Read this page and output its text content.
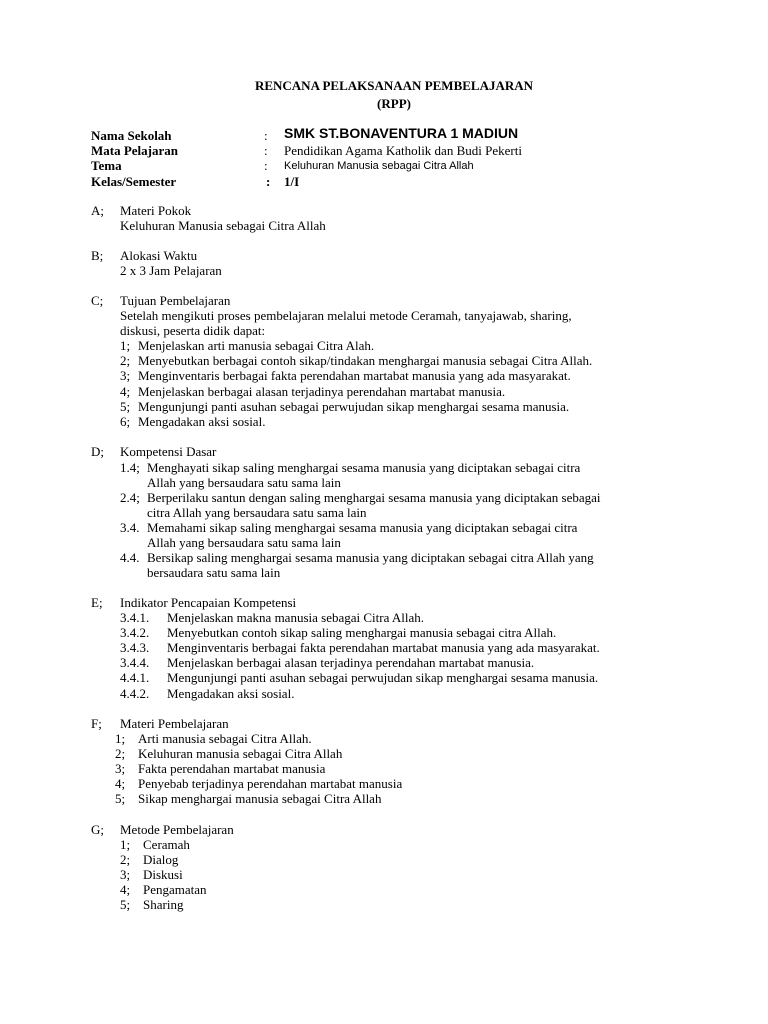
RENCANA PELAKSANAAN PEMBELAJARAN
(RPP)
Nama Sekolah	: SMK ST.BONAVENTURA 1 MADIUN
Mata Pelajaran	: Pendidikan Agama Katholik dan Budi Pekerti
Tema	: Keluhuran Manusia sebagai Citra Allah
Kelas/Semester	: 1/I
A; Materi Pokok
Keluhuran Manusia sebagai Citra Allah
B; Alokasi Waktu
2 x 3 Jam Pelajaran
C; Tujuan Pembelajaran
Setelah mengikuti proses pembelajaran melalui metode Ceramah, tanyajawab, sharing,
diskusi, peserta didik dapat:
1; Menjelaskan arti manusia sebagai Citra Alah.
2; Menyebutkan berbagai contoh sikap/tindakan menghargai manusia sebagai Citra Allah.
3; Menginventaris berbagai fakta perendahan martabat manusia yang ada masyarakat.
4; Menjelaskan berbagai alasan terjadinya perendahan martabat manusia.
5; Mengunjungi panti asuhan sebagai perwujudan sikap menghargai sesama manusia.
6; Mengadakan aksi sosial.
D; Kompetensi Dasar
1.4; Menghayati sikap saling menghargai sesama manusia yang diciptakan sebagai citra
Allah yang bersaudara satu sama lain
2.4; Berperilaku santun dengan saling menghargai sesama manusia yang diciptakan sebagai
citra Allah yang bersaudara satu sama lain
3.4. Memahami sikap saling menghargai sesama manusia yang diciptakan sebagai citra
Allah yang bersaudara satu sama lain
4.4. Bersikap saling menghargai sesama manusia yang diciptakan sebagai citra Allah yang
bersaudara satu sama lain
E; Indikator Pencapaian Kompetensi
3.4.1. Menjelaskan makna manusia sebagai Citra Allah.
3.4.2. Menyebutkan contoh sikap saling menghargai manusia sebagai citra Allah.
3.4.3. Menginventaris berbagai fakta perendahan martabat manusia yang ada masyarakat.
3.4.4. Menjelaskan berbagai alasan terjadinya perendahan martabat manusia.
4.4.1. Mengunjungi panti asuhan sebagai perwujudan sikap menghargai sesama manusia.
4.4.2. Mengadakan aksi sosial.
F; Materi Pembelajaran
1; Arti manusia sebagai Citra Allah.
2; Keluhuran manusia sebagai Citra Allah
3; Fakta perendahan martabat manusia
4; Penyebab terjadinya perendahan martabat manusia
5; Sikap menghargai manusia sebagai Citra Allah
G; Metode Pembelajaran
1; Ceramah
2; Dialog
3; Diskusi
4; Pengamatan
5; Sharing
